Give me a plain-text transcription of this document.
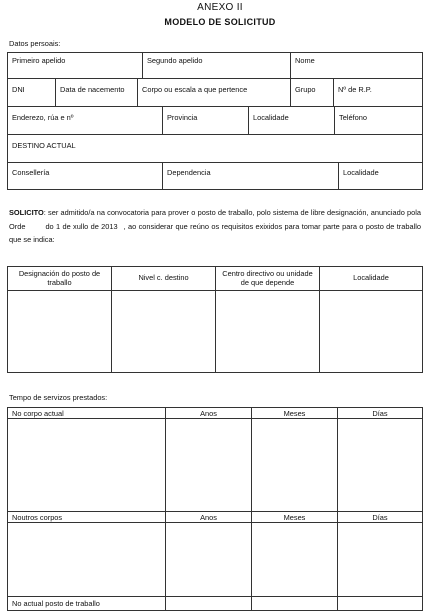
ANEXO II
MODELO DE SOLICITUD
Datos persoais:
Primeiro apelido	Segundo apelido	Nome
DNI	Data de nacemento	Corpo ou escala a que pertence	Grupo	Nº de R.P.
Enderezo, rúa e nº	Provincia	Localidade	Teléfono
DESTINO ACTUAL
Consellería	Dependencia	Localidade
SOLICITO: ser admitido/a na convocatoria para prover o posto de traballo, polo sistema de libre designación, anunciado pola Orde	do 1 de xullo de 2013 , ao considerar que reúno os requisitos exixidos para tomar parte para o posto de traballo que se indica:
Designación do posto de traballo	Nivel c. destino	Centro directivo ou unidade de que depende	Localidade

Tempo de servizos prestados:
No corpo actual	Anos	Meses	Días

Noutros corpos	Anos	Meses	Días

No actual posto de traballo			
